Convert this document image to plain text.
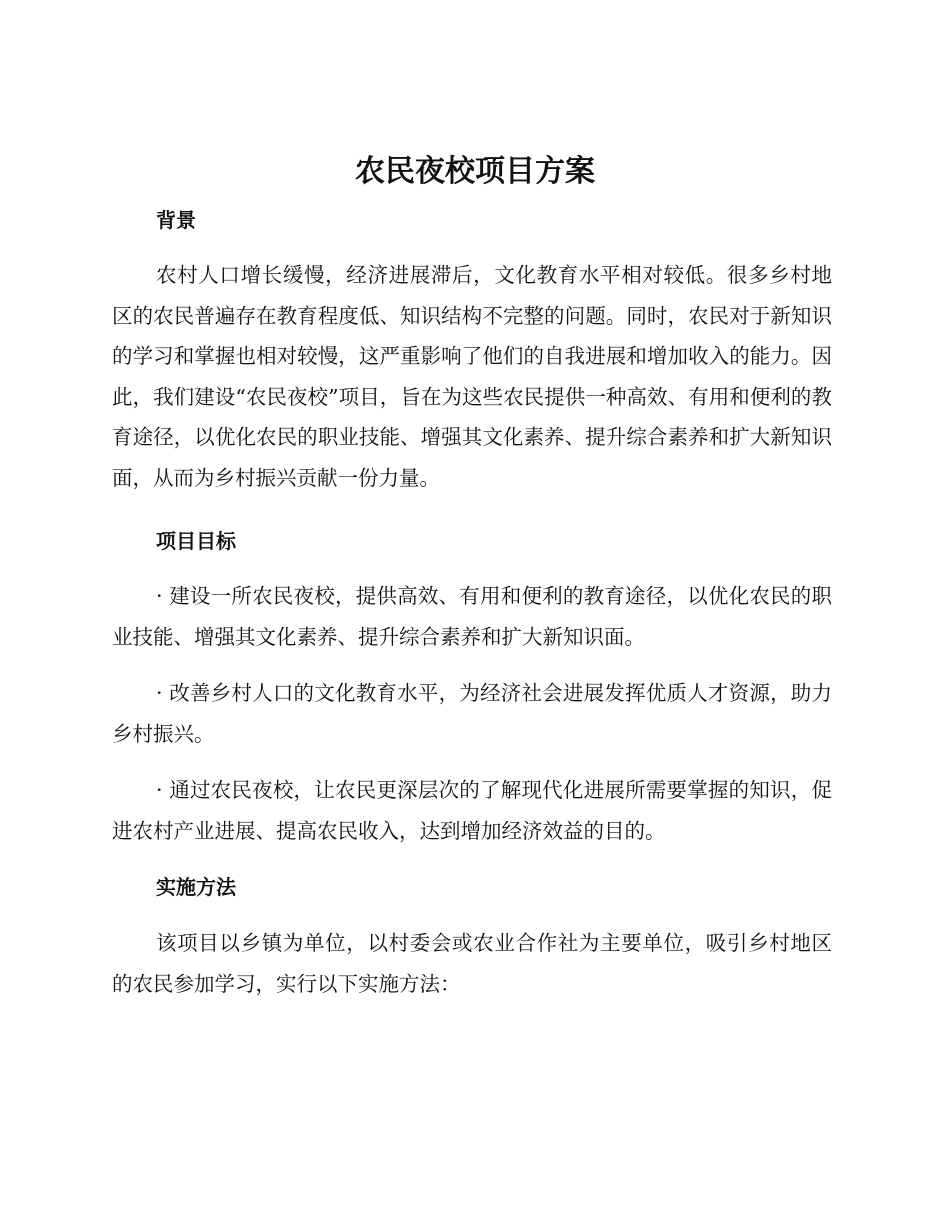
农民夜校项目方案
背景

农村人口增长缓慢，经济进展滞后，文化教育水平相对较低。很多乡村地区的农民普遍存在教育程度低、知识结构不完整的问题。同时，农民对于新知识的学习和掌握也相对较慢，这严重影响了他们的自我进展和增加收入的能力。因此，我们建设“农民夜校”项目，旨在为这些农民提供一种高效、有用和便利的教育途径，以优化农民的职业技能、增强其文化素养、提升综合素养和扩大新知识面，从而为乡村振兴贡献一份力量。

项目目标

· 建设一所农民夜校，提供高效、有用和便利的教育途径，以优化农民的职业技能、增强其文化素养、提升综合素养和扩大新知识面。

· 改善乡村人口的文化教育水平，为经济社会进展发挥优质人才资源，助力乡村振兴。

· 通过农民夜校，让农民更深层次的了解现代化进展所需要掌握的知识，促进农村产业进展、提高农民收入，达到增加经济效益的目的。

实施方法

该项目以乡镇为单位，以村委会或农业合作社为主要单位，吸引乡村地区的农民参加学习，实行以下实施方法：
